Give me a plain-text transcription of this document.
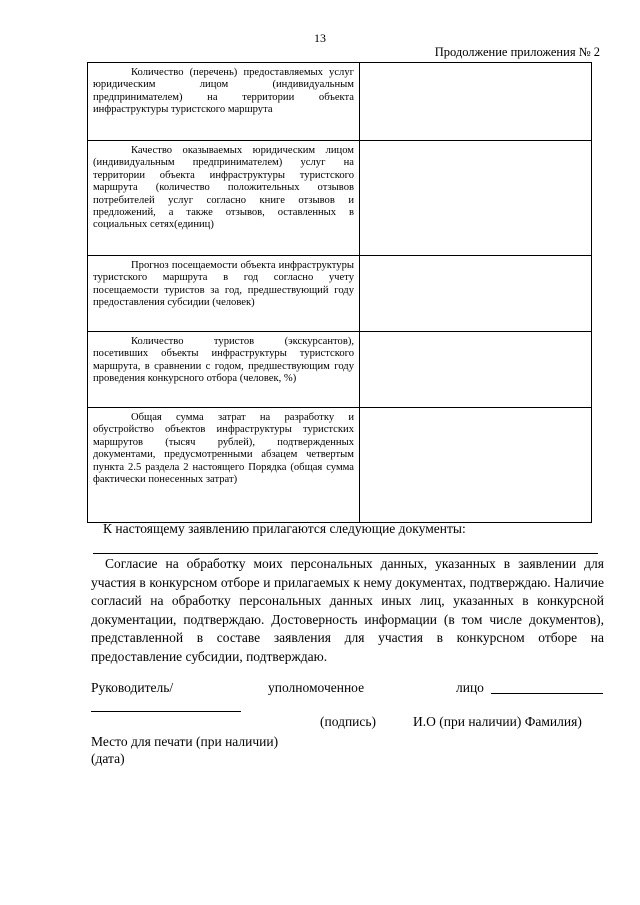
13
Продолжение приложения № 2
Количество (перечень) предоставляемых услуг юридическим лицом (индивидуальным предпринимателем) на территории объекта инфраструктуры туристского маршрута	
Качество оказываемых юридическим лицом (индивидуальным предпринимателем) услуг на территории объекта инфраструктуры туристского маршрута (количество положительных отзывов потребителей услуг согласно книге отзывов и предложений, а также отзывов, оставленных в социальных сетях(единиц)	
Прогноз посещаемости объекта инфраструктуры туристского маршрута в год согласно учету посещаемости туристов за год, предшествующий году предоставления субсидии (человек)	
Количество туристов (экскурсантов), посетивших объекты инфраструктуры туристского маршрута, в сравнении с годом, предшествующим году проведения конкурсного отбора (человек, %)	
Общая сумма затрат на разработку и обустройство объектов инфраструктуры туристских маршрутов (тысяч рублей), подтвержденных документами, предусмотренными абзацем четвертым пункта 2.5 раздела 2 настоящего Порядка (общая сумма фактически понесенных затрат)	
К настоящему заявлению прилагаются следующие документы:

Согласие на обработку моих персональных данных, указанных в заявлении для участия в конкурсном отборе и прилагаемых к нему документах, подтверждаю. Наличие согласий на обработку персональных данных иных лиц, указанных в конкурсной документации, подтверждаю. Достоверность информации (в том числе документов), представленной в составе заявления для участия в конкурсном отборе на предоставление субсидии, подтверждаю.

Руководитель/	уполномоченное	лицо
(подпись)	И.О (при наличии) Фамилия)
Место для печати (при наличии)
(дата)
